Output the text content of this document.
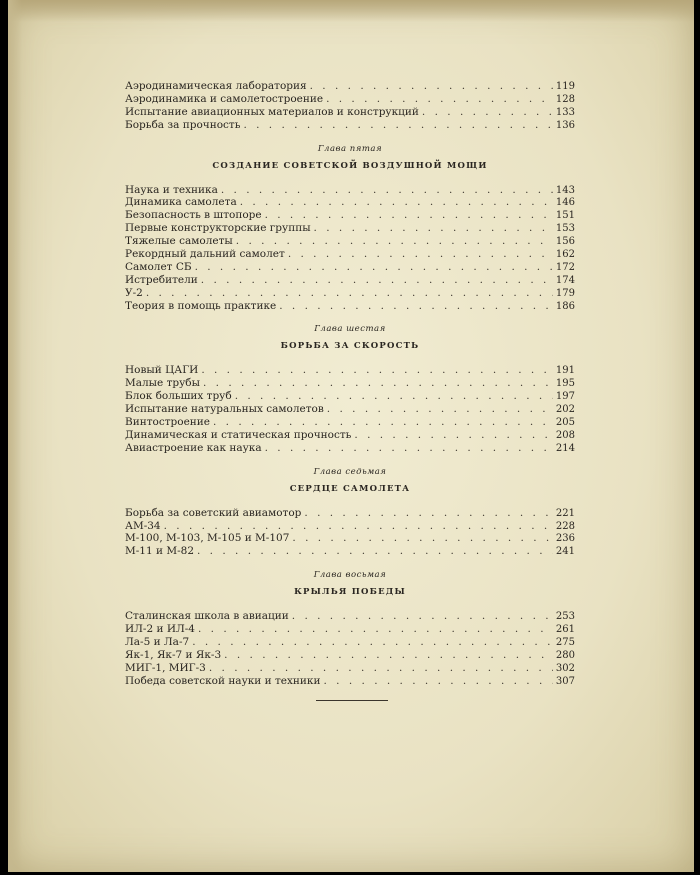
Аэродинамическая лаборатория . . .	119
Аэродинамика и самолетостроение . . .	128
Испытание авиационных материалов и конструкций . . .	133
Борьба за прочность . . .	136
Глава пятая
СОЗДАНИЕ СОВЕТСКОЙ ВОЗДУШНОЙ МОЩИ
Наука и техника . . .	143
Динамика самолета . . .	146
Безопасность в штопоре . . .	151
Первые конструкторские группы . . .	153
Тяжелые самолеты . . .	156
Рекордный дальний самолет . . .	162
Самолет СБ . . .	172
Истребители . . .	174
У-2 . . .	179
Теория в помощь практике . . .	186
Глава шестая
БОРЬБА ЗА СКОРОСТЬ
Новый ЦАГИ . . .	191
Малые трубы . . .	195
Блок больших труб . . .	197
Испытание натуральных самолетов . . .	202
Винтостроение . . .	205
Динамическая и статическая прочность . . .	208
Авиастроение как наука . . .	214
Глава седьмая
СЕРДЦЕ САМОЛЕТА
Борьба за советский авиамотор . . .	221
АМ-34 . . .	228
М-100, М-103, М-105 и М-107 . . .	236
М-11 и М-82 . . .	241
Глава восьмая
КРЫЛЬЯ ПОБЕДЫ
Сталинская школа в авиации . . .	253
ИЛ-2 и ИЛ-4 . . .	261
Ла-5 и Ла-7 . . .	275
Як-1, Як-7 и Як-3 . . .	280
МИГ-1, МИГ-3 . . .	302
Победа советской науки и техники . . .	307
